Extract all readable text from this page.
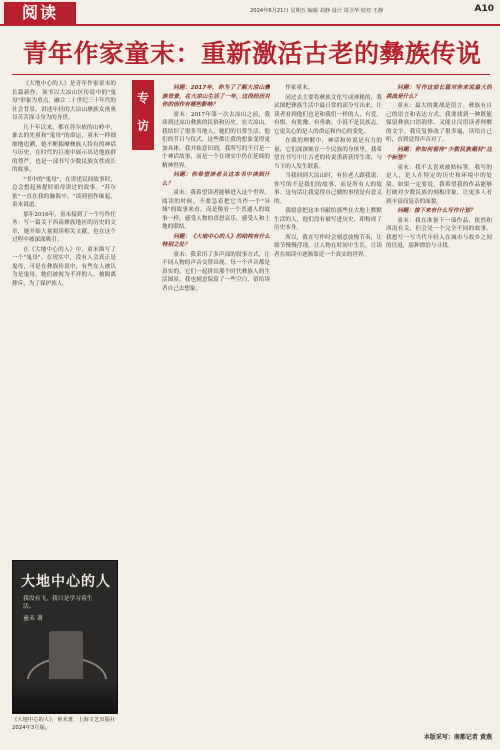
阅读	2024年6月21日 星期五 编辑 刘静 设计 周卫华 校对 王静	A10
青年作家童末：重新激活古老的彝族传说

《大地中心的人》是青年作家童末的长篇新作，该书以大凉山区传说中的"鬼母"形象为重点，融合二十世纪三十年代的社会背景，讲述年轻的大凉山彝族女孩奥谷苦苦探寻身为的身世。

几十年以来，都在苏尔依的山岭中，谁去的先祖和"鬼母"的命运，童末一样细细地追溯，她不断揣摩彝族人特有的神话与历史，在时代的巨流中展示出边地族群的尊严，也是一部书写少数民族女性成长的故事。

"书中的"鬼母"，在讲述民间故事时，总会想起孩提时祖母讲过的故事。"苏尔依"一直在我的脑海中。"谈到创作缘起，童末说道。

那年2016年，童末接到了一个写作任务：写一篇关于西南彝族地区的历史的文章，她开始大量阅读相关文献，也在这个过程中被深深吸引。

在《大地中心的人》中，童末描写了一个"鬼母"。在现实中，没有人会真正是鬼母，可是在彝族传说中，有些女人被认为是鬼母，她们被视为不祥的人，被隔离排斥，为了保护族人。

专
访

问题：2017年，你为了了解大凉山彝族背景，在大凉山生活了一年，这段经历对你的创作有哪些影响？

童末：2017年第一次去凉山之前，我读到过凉山彝族的民俗和历史。在大凉山，我结识了很多当地人，她们的日常生活、他们的节日与仪式，这些都让我的想象变得更加具体。我开始意识到，我所写的不只是一个神话故事，而是一个在现实中仍在延续的精神世界。

问题：你希望读者从这本书中读到什么？

童末：我希望读者能够进入这个世界。阅读的时候，不要急着把它当作一个"异域"的故事来看，而是像看一个普通人的故事一样，感受人物的喜怒哀乐，感受人和土地的联结。

问题：《大地中心的人》的结构有什么特别之处？

童末：我采用了多声部的叙事方式，让不同人物的声音交替出现。每一个声音都是真实的，它们一起拼出那个时代彝族人的生活图景。我也刻意保留了一些空白，留给读者自己去想象。

作家童末。

同过去主要将彝族文化写成神秘的，我试图把彝族生活中最日常的部分写出来，让读者看到他们也是和我们一样的人，有爱、有恨、有犹豫、有勇敢。小说不是民族志，它更关心的是人的命运和内心的变化。

在我的理解中，神话和传说是有力的量，它们深深嵌在一个民族的身体里。我希望在书写中让古老的传说重新获得生命，与当下的人发生联系。

当我回到大凉山时，有位老人跟我说：你写的不是我们的故事，而是所有人的故事。这句话让我觉得自己做的事情是有意义的。

我愿意把这本书献给那些在大地上默默生活的人，他们没有被写进历史，却构成了历史本身。

所以，我在写作时会刻意放慢节奏，让细节慢慢浮现，让人物在时间中生长，让读者在阅读中逐渐靠近一个真实的世界。

问题：写作这部长篇对你来说最大的挑战是什么？

童末：最大的挑战是语言。彝族有自己的语言和表达方式，我要找到一种既能保留彝族口语韵律、又能让汉语读者理解的文字。我反复修改了很多遍，读给自己听，直到觉得声音对了。

问题：你如何看待"少数民族题材"这个标签？

童末：我不太喜欢被贴标签。我写的是人，是人在特定的历史和环境中的处境。如果一定要说，我希望我的作品能够打破对少数民族的刻板印象，让更多人看到丰富而复杂的面貌。

问题：接下来有什么写作计划？

童末：我在准备下一部作品，依然和西南有关，但会是一个完全不同的故事。我想写一写当代年轻人在城市与故乡之间的往返，那种漂泊与寻找。

大地中心的人
我没有飞，我只是学习着生活。
童末 著
《大地中心的人》，童末著，上海文艺出版社2024年3月版。
本版采写：南都记者 黄燕
